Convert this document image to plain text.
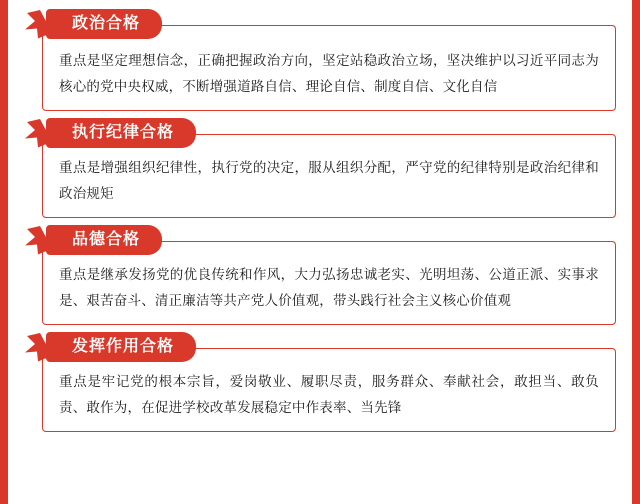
政治合格
重点是坚定理想信念，正确把握政治方向，坚定站稳政治立场，坚决维护以习近平同志为核心的党中央权威，不断增强道路自信、理论自信、制度自信、文化自信
执行纪律合格
重点是增强组织纪律性，执行党的决定，服从组织分配，严守党的纪律特别是政治纪律和政治规矩
品德合格
重点是继承发扬党的优良传统和作风，大力弘扬忠诚老实、光明坦荡、公道正派、实事求是、艰苦奋斗、清正廉洁等共产党人价值观，带头践行社会主义核心价值观
发挥作用合格
重点是牢记党的根本宗旨，爱岗敬业、履职尽责，服务群众、奉献社会，敢担当、敢负责、敢作为，在促进学校改革发展稳定中作表率、当先锋
